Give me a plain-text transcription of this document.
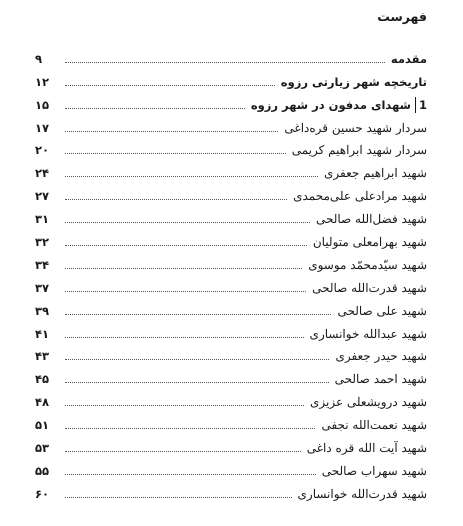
فهرست
مقدمه
۹
تاریخچه شهر زیارتی رزوه
۱۲
1شهدای مدفون در شهر رزوه
۱۵
سردار شهید حسین قره‌داغی
۱۷
سردار شهید ابراهیم کریمی
۲۰
شهید ابراهیم جعفری
۲۴
شهید مرادعلی علی‌محمدی
۲۷
شهید فضل‌الله صالحی
۳۱
شهید بهرامعلی متولیان
۳۲
شهید سیّدمحمّد موسوی
۳۴
شهید قدرت‌الله صالحی
۳۷
شهید علی صالحی
۳۹
شهید عبدالله خوانساری
۴۱
شهید حیدر جعفری
۴۳
شهید احمد صالحی
۴۵
شهید درویشعلی عزیزی
۴۸
شهید نعمت‌الله نجفی
۵۱
شهید آیت الله قره داغی
۵۳
شهید سهراب صالحی
۵۵
شهید قدرت‌الله خوانساری
۶۰
